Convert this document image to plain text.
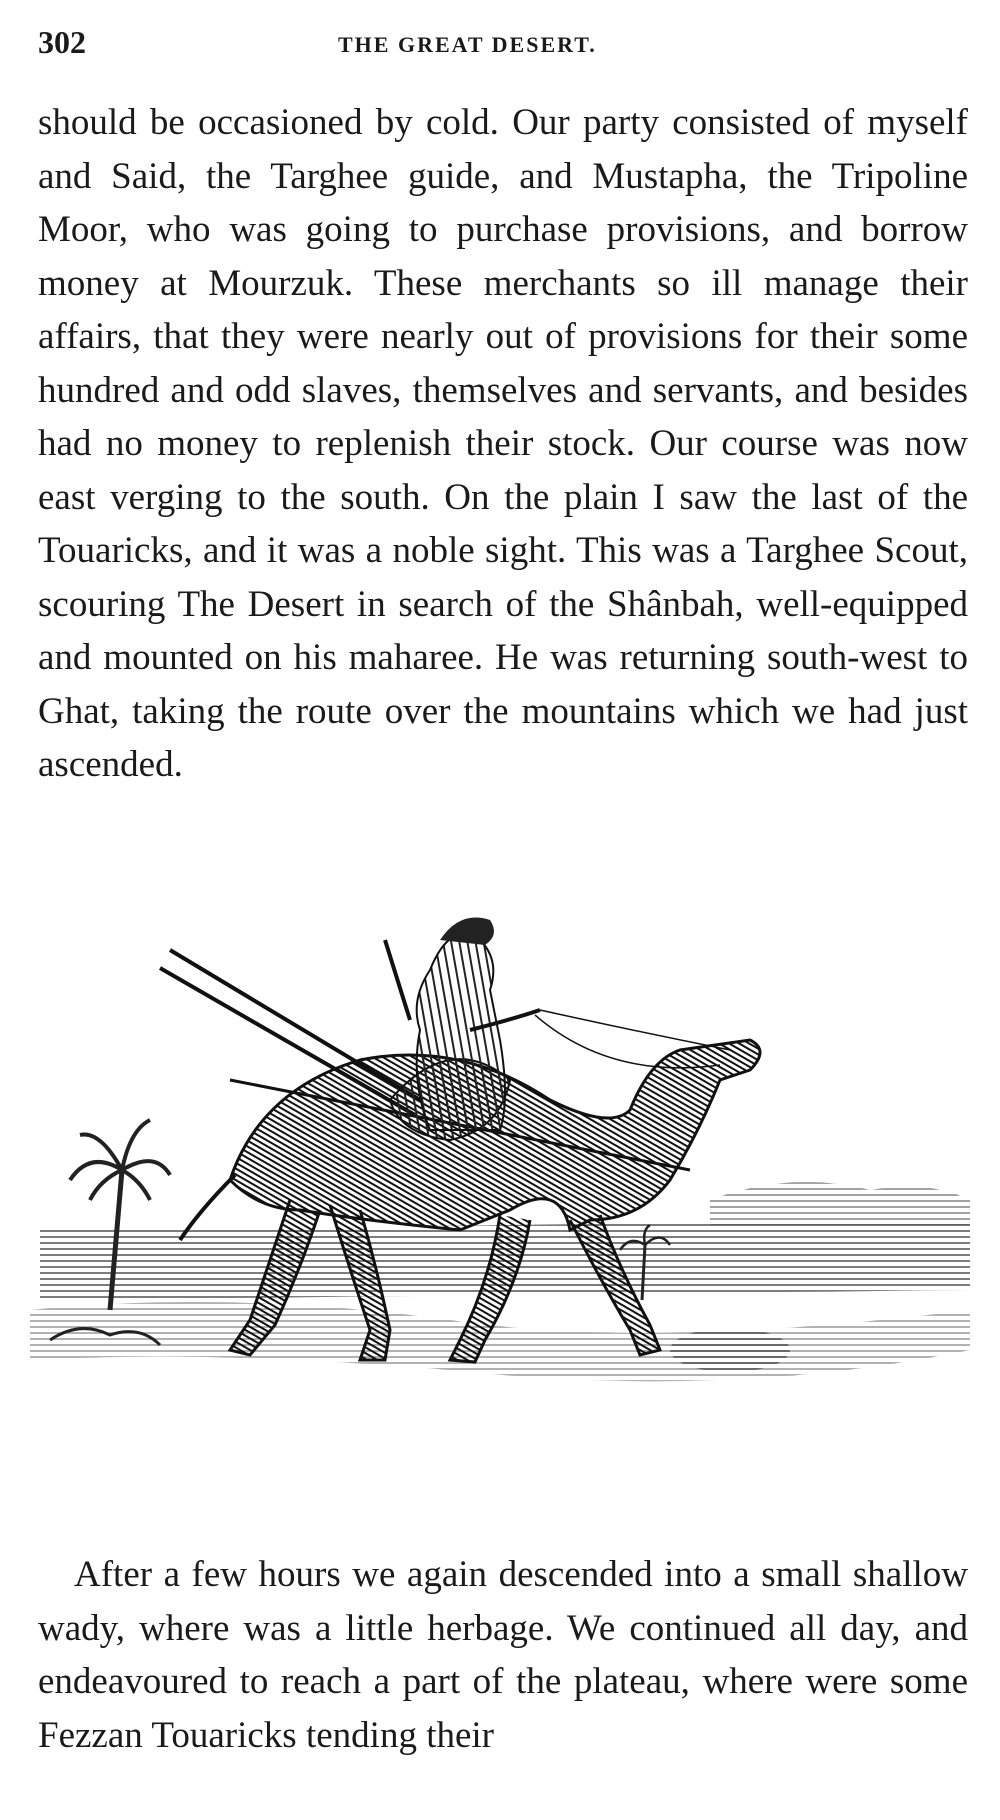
302	THE GREAT DESERT.

should be occasioned by cold. Our party consisted of myself and Said, the Targhee guide, and Mustapha, the Tripoline Moor, who was going to purchase provisions, and borrow money at Mourzuk. These merchants so ill manage their affairs, that they were nearly out of provisions for their some hundred and odd slaves, themselves and servants, and besides had no money to replenish their stock. Our course was now east verging to the south. On the plain I saw the last of the Touaricks, and it was a noble sight. This was a Targhee Scout, scouring The Desert in search of the Shânbah, well-equipped and mounted on his maharee. He was returning south-west to Ghat, taking the route over the mountains which we had just ascended.

After a few hours we again descended into a small shallow wady, where was a little herbage. We continued all day, and endeavoured to reach a part of the plateau, where were some Fezzan Touaricks tending their
